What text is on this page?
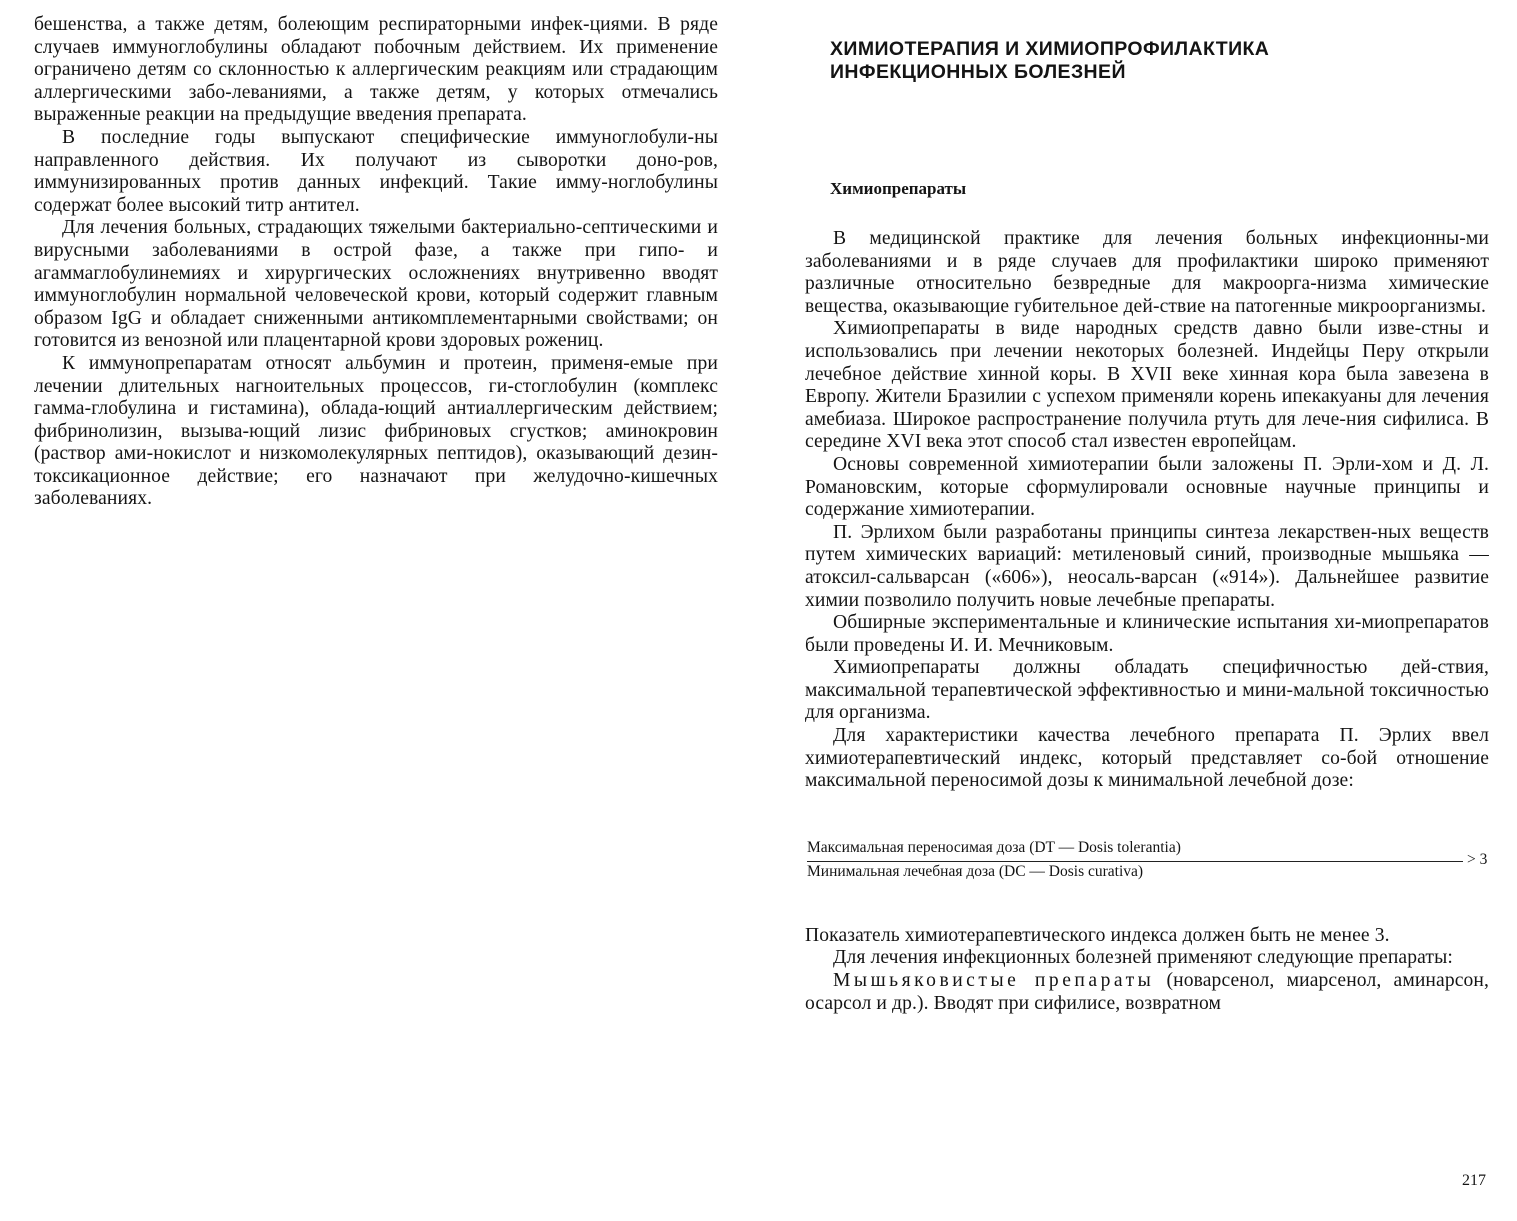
бешенства, а также детям, болеющим респираторными инфек-циями. В ряде случаев иммуноглобулины обладают побочным действием. Их применение ограничено детям со склонностью к аллергическим реакциям или страдающим аллергическими забо-леваниями, а также детям, у которых отмечались выраженные реакции на предыдущие введения препарата.

В последние годы выпускают специфические иммуноглобули-ны направленного действия. Их получают из сыворотки доно-ров, иммунизированных против данных инфекций. Такие имму-ноглобулины содержат более высокий титр антител.

Для лечения больных, страдающих тяжелыми бактериально-септическими и вирусными заболеваниями в острой фазе, а также при гипо- и агаммаглобулинемиях и хирургических осложнениях внутривенно вводят иммуноглобулин нормальной человеческой крови, который содержит главным образом IgG и обладает сниженными антикомплементарными свойствами; он готовится из венозной или плацентарной крови здоровых рожениц.

К иммунопрепаратам относят альбумин и протеин, применя-емые при лечении длительных нагноительных процессов, ги-стоглобулин (комплекс гамма-глобулина и гистамина), облада-ющий антиаллергическим действием; фибринолизин, вызыва-ющий лизис фибриновых сгустков; аминокровин (раствор ами-нокислот и низкомолекулярных пептидов), оказывающий дезин-токсикационное действие; его назначают при желудочно-кишечных заболеваниях.

ХИМИОТЕРАПИЯ И ХИМИОПРОФИЛАКТИКА
ИНФЕКЦИОННЫХ БОЛЕЗНЕЙ
Химиопрепараты

В медицинской практике для лечения больных инфекционны-ми заболеваниями и в ряде случаев для профилактики широко применяют различные относительно безвредные для макроорга-низма химические вещества, оказывающие губительное дей-ствие на патогенные микроорганизмы.

Химиопрепараты в виде народных средств давно были изве-стны и использовались при лечении некоторых болезней. Индейцы Перу открыли лечебное действие хинной коры. В XVII веке хинная кора была завезена в Европу. Жители Бразилии с успехом применяли корень ипекакуаны для лечения амебиаза. Широкое распространение получила ртуть для лече-ния сифилиса. В середине XVI века этот способ стал известен европейцам.

Основы современной химиотерапии были заложены П. Эрли-хом и Д. Л. Романовским, которые сформулировали основные научные принципы и содержание химиотерапии.

П. Эрлихом были разработаны принципы синтеза лекарствен-ных веществ путем химических вариаций: метиленовый синий, производные мышьяка — атоксил-сальварсан («606»), неосаль-варсан («914»). Дальнейшее развитие химии позволило получить новые лечебные препараты.

Обширные экспериментальные и клинические испытания хи-миопрепаратов были проведены И. И. Мечниковым.

Химиопрепараты должны обладать специфичностью дей-ствия, максимальной терапевтической эффективностью и мини-мальной токсичностью для организма.

Для характеристики качества лечебного препарата П. Эрлих ввел химиотерапевтический индекс, который представляет со-бой отношение максимальной переносимой дозы к минимальной лечебной дозе:

Максимальная переносимая доза (DT — Dosis tolerantia)
Минимальная лечебная доза (DC — Dosis curativa)
> 3

Показатель химиотерапевтического индекса должен быть не менее 3.

Для лечения инфекционных болезней применяют следующие препараты:

Мышьяковистые препараты (новарсенол, миарсенол, аминарсон, осарсол и др.). Вводят при сифилисе, возвратном

217
